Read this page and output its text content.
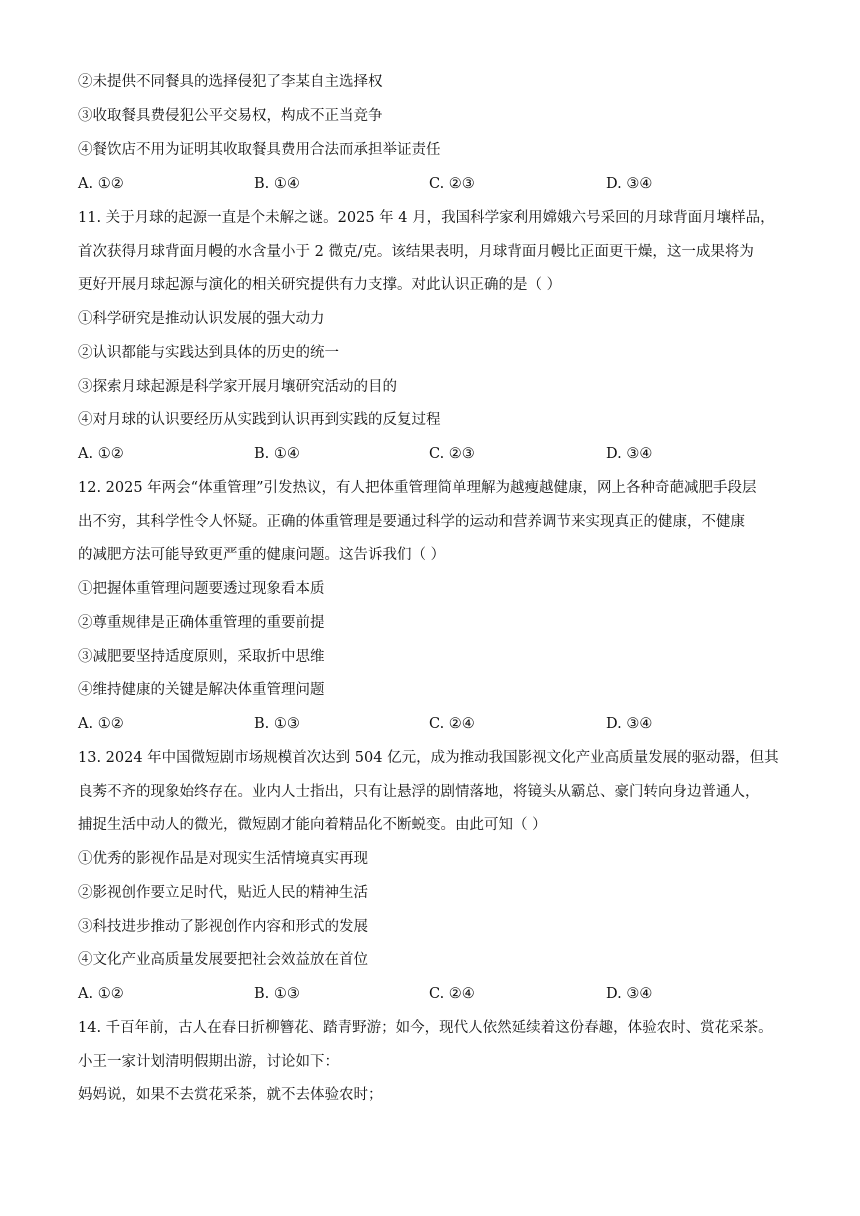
②未提供不同餐具的选择侵犯了李某自主选择权
③收取餐具费侵犯公平交易权，构成不正当竞争
④餐饮店不用为证明其收取餐具费用合法而承担举证责任
A. ①②	B. ①④	C. ②③	D. ③④
11. 关于月球的起源一直是个未解之谜。2025 年 4 月，我国科学家利用嫦娥六号采回的月球背面月壤样品，
首次获得月球背面月幔的水含量小于 2 微克/克。该结果表明，月球背面月幔比正面更干燥，这一成果将为
更好开展月球起源与演化的相关研究提供有力支撑。对此认识正确的是（ ）
①科学研究是推动认识发展的强大动力
②认识都能与实践达到具体的历史的统一
③探索月球起源是科学家开展月壤研究活动的目的
④对月球的认识要经历从实践到认识再到实践的反复过程
A. ①②	B. ①④	C. ②③	D. ③④
12. 2025 年两会“体重管理”引发热议，有人把体重管理简单理解为越瘦越健康，网上各种奇葩减肥手段层
出不穷，其科学性令人怀疑。正确的体重管理是要通过科学的运动和营养调节来实现真正的健康，不健康
的减肥方法可能导致更严重的健康问题。这告诉我们（ ）
①把握体重管理问题要透过现象看本质
②尊重规律是正确体重管理的重要前提
③减肥要坚持适度原则，采取折中思维
④维持健康的关键是解决体重管理问题
A. ①②	B. ①③	C. ②④	D. ③④
13. 2024 年中国微短剧市场规模首次达到 504 亿元，成为推动我国影视文化产业高质量发展的驱动器，但其
良莠不齐的现象始终存在。业内人士指出，只有让悬浮的剧情落地，将镜头从霸总、豪门转向身边普通人，
捕捉生活中动人的微光，微短剧才能向着精品化不断蜕变。由此可知（ ）
①优秀的影视作品是对现实生活情境真实再现
②影视创作要立足时代，贴近人民的精神生活
③科技进步推动了影视创作内容和形式的发展
④文化产业高质量发展要把社会效益放在首位
A. ①②	B. ①③	C. ②④	D. ③④
14. 千百年前，古人在春日折柳簪花、踏青野游；如今，现代人依然延续着这份春趣，体验农时、赏花采茶。
小王一家计划清明假期出游，讨论如下：
妈妈说，如果不去赏花采茶，就不去体验农时；
